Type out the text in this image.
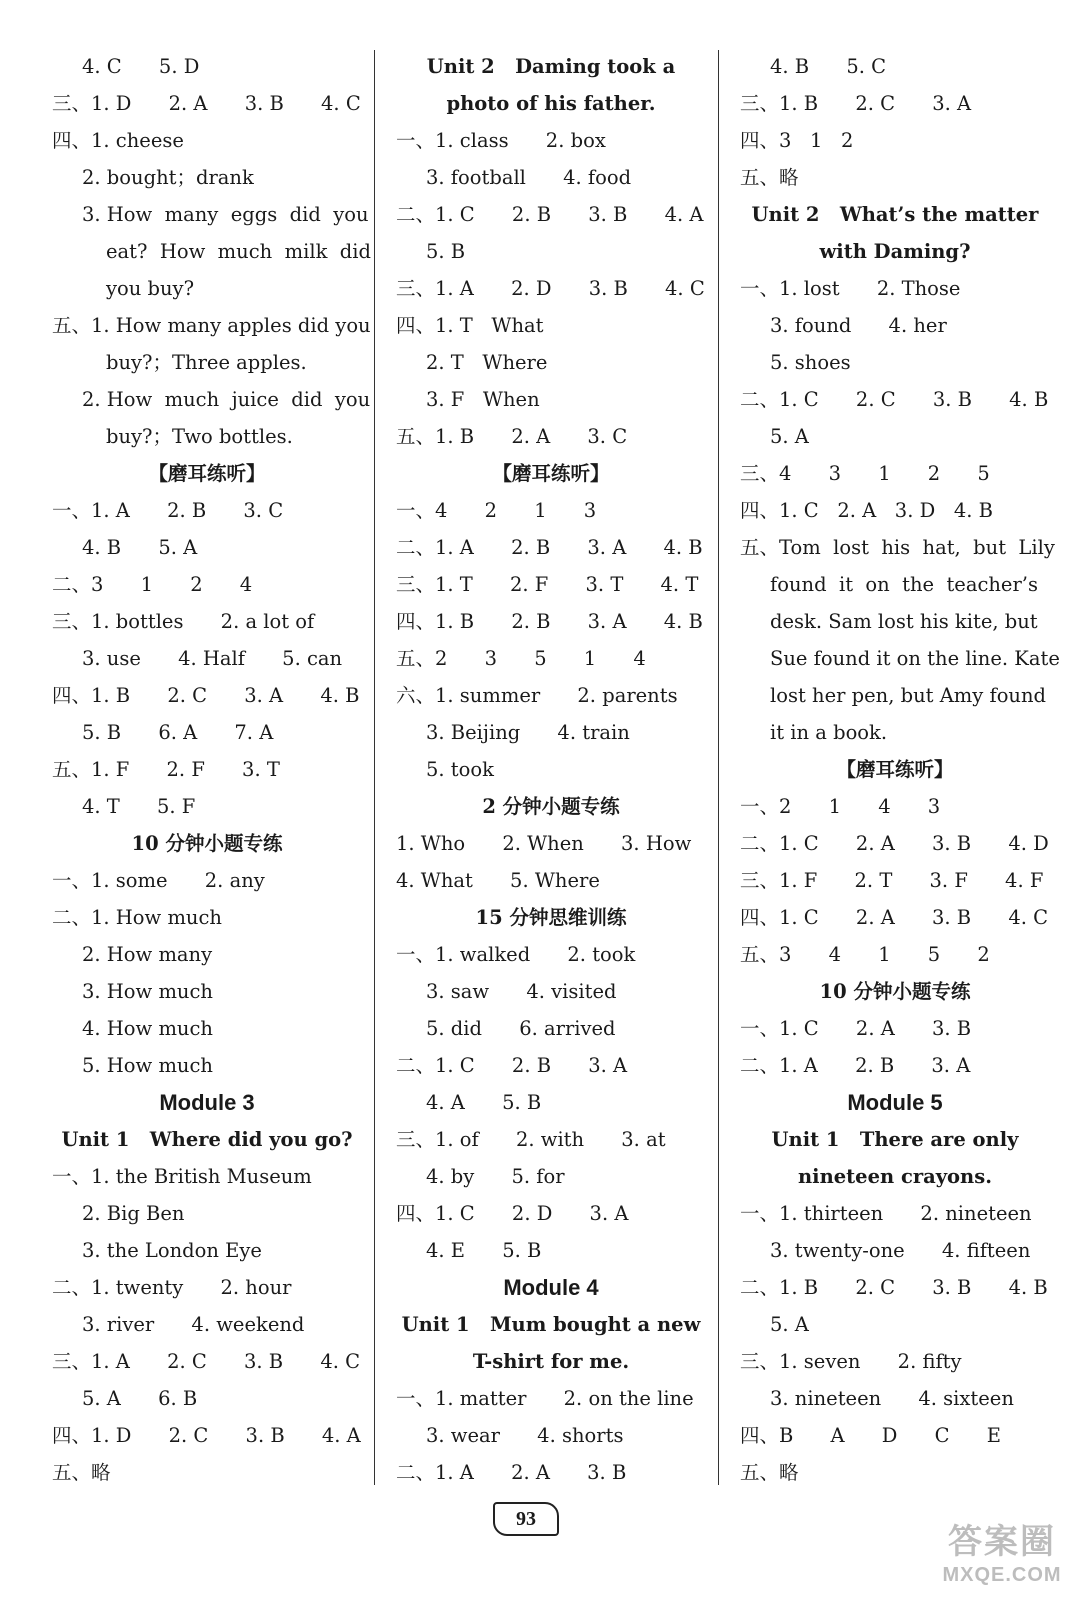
4. C      5. D
三、1. D      2. A      3. B      4. C
四、1. cheese
2. bought；drank
3. How  many  eggs  did  you
eat?  How  much  milk  did
you buy?
五、1. How many apples did you
buy?；Three apples.
2. How  much  juice  did  you
buy?；Two bottles.
【磨耳练听】
一、1. A      2. B      3. C
4. B      5. A
二、3      1      2      4
三、1. bottles      2. a lot of
3. use      4. Half      5. can
四、1. B      2. C      3. A      4. B
5. B      6. A      7. A
五、1. F      2. F      3. T
4. T      5. F
10 分钟小题专练
一、1. some      2. any
二、1. How much
2. How many
3. How much
4. How much
5. How much
Module 3
Unit 1   Where did you go?
一、1. the British Museum
2. Big Ben
3. the London Eye
二、1. twenty      2. hour
3. river      4. weekend
三、1. A      2. C      3. B      4. C
5. A      6. B
四、1. D      2. C      3. B      4. A
五、略
Unit 2   Daming took a
photo of his father.
一、1. class      2. box
3. football      4. food
二、1. C      2. B      3. B      4. A
5. B
三、1. A      2. D      3. B      4. C
四、1. T   What
2. T   Where
3. F   When
五、1. B      2. A      3. C
【磨耳练听】
一、4      2      1      3
二、1. A      2. B      3. A      4. B
三、1. T      2. F      3. T      4. T
四、1. B      2. B      3. A      4. B
五、2      3      5      1      4
六、1. summer      2. parents
3. Beijing      4. train
5. took
2 分钟小题专练
1. Who      2. When      3. How
4. What      5. Where
15 分钟思维训练
一、1. walked      2. took
3. saw      4. visited
5. did      6. arrived
二、1. C      2. B      3. A
4. A      5. B
三、1. of      2. with      3. at
4. by      5. for
四、1. C      2. D      3. A
4. E      5. B
Module 4
Unit 1   Mum bought a new
T-shirt for me.
一、1. matter      2. on the line
3. wear      4. shorts
二、1. A      2. A      3. B
4. B      5. C
三、1. B      2. C      3. A
四、3   1   2
五、略
Unit 2   What’s the matter
with Daming?
一、1. lost      2. Those
3. found      4. her
5. shoes
二、1. C      2. C      3. B      4. B
5. A
三、4      3      1      2      5
四、1. C   2. A   3. D   4. B
五、Tom  lost  his  hat,  but  Lily
found  it  on  the  teacher’s
desk. Sam lost his kite, but
Sue found it on the line. Kate
lost her pen, but Amy found
it in a book.
【磨耳练听】
一、2      1      4      3
二、1. C      2. A      3. B      4. D
三、1. F      2. T      3. F      4. F
四、1. C      2. A      3. B      4. C
五、3      4      1      5      2
10 分钟小题专练
一、1. C      2. A      3. B
二、1. A      2. B      3. A
Module 5
Unit 1   There are only
nineteen crayons.
一、1. thirteen      2. nineteen
3. twenty-one      4. fifteen
二、1. B      2. C      3. B      4. B
5. A
三、1. seven      2. fifty
3. nineteen      4. sixteen
四、B      A      D      C      E
五、略
93
答案圈
MXQE.COM
